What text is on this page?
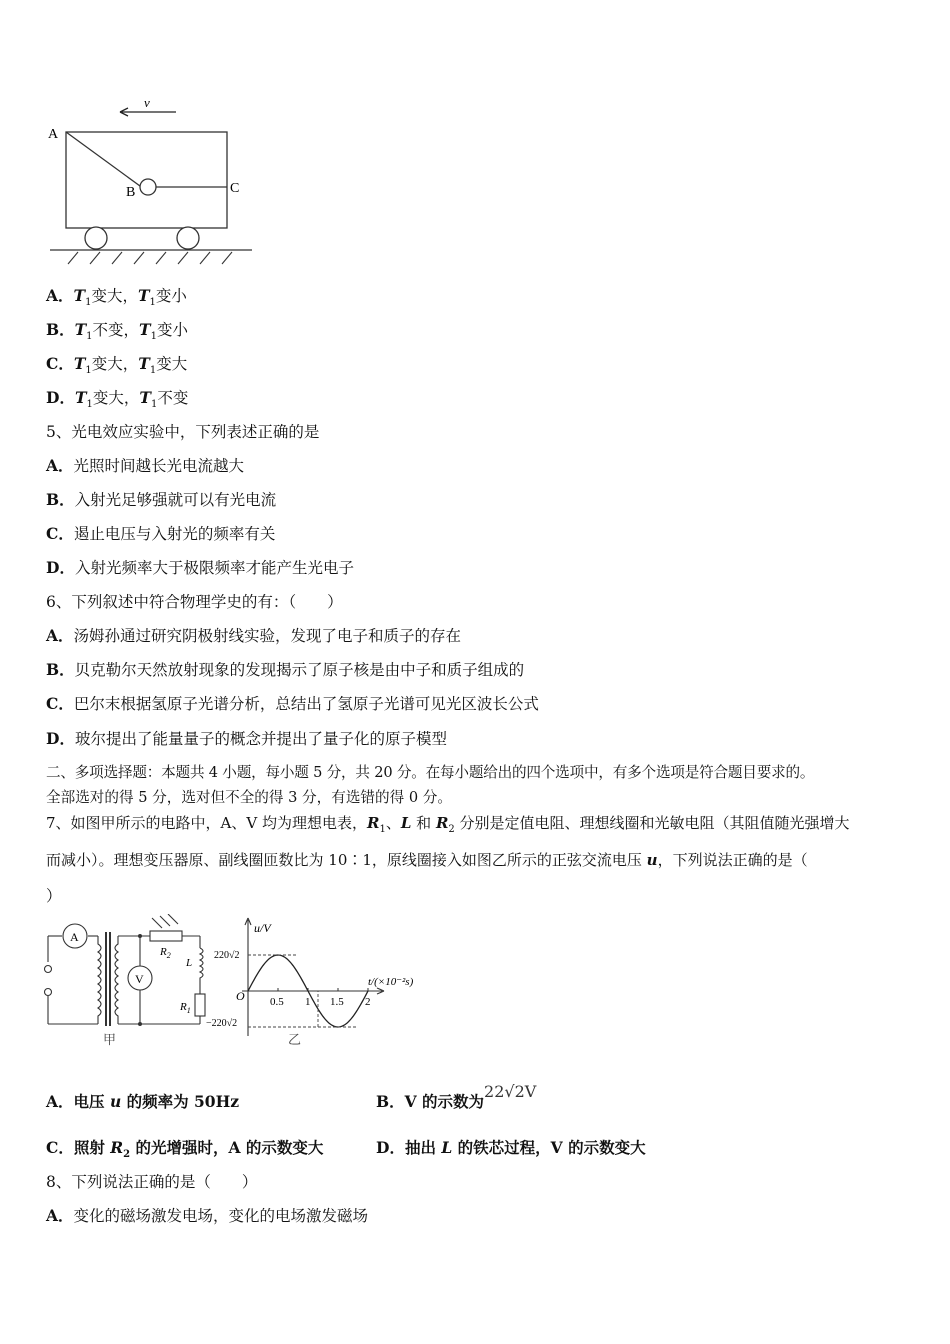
v
A
B	C
A．$T_1$变大，$T_1$变小
B．$T_1$不变，$T_1$变小
C．$T_1$变大，$T_1$变大
D．$T_1$变大，$T_1$不变
5、光电效应实验中，下列表述正确的是
A．光照时间越长光电流越大
B．入射光足够强就可以有光电流
C．遏止电压与入射光的频率有关
D．入射光频率大于极限频率才能产生光电子
6、下列叙述中符合物理学史的有：（　　）
A．汤姆孙通过研究阴极射线实验，发现了电子和质子的存在
B．贝克勒尔天然放射现象的发现揭示了原子核是由中子和质子组成的
C．巴尔末根据氢原子光谱分析，总结出了氢原子光谱可见光区波长公式
D．玻尔提出了能量量子的概念并提出了量子化的原子模型
二、多项选择题：本题共 4 小题，每小题 5 分，共 20 分。在每小题给出的四个选项中，有多个选项是符合题目要求的。
全部选对的得 5 分，选对但不全的得 3 分，有选错的得 0 分。
7、如图甲所示的电路中，A、V 均为理想电表，$R_1$、L 和 $R_2$ 分别是定值电阻、理想线圈和光敏电阻（其阻值随光强增大
而减小）。理想变压器原、副线圈匝数比为 10∶1，原线圈接入如图乙所示的正弦交流电压 u，下列说法正确的是（
）
A
V
$R_2$
L
$R_1$
甲
0.5 1 1.5 2
u/V
t/(×10⁻²s)
O
220√2
−220√2
乙
A．电压 u 的频率为 50Hz	B．V 的示数为22√2V
C．照射 $R_2$ 的光增强时，A 的示数变大	D．抽出 L 的铁芯过程，V 的示数变大
8、下列说法正确的是（　　）
A．变化的磁场激发电场，变化的电场激发磁场
